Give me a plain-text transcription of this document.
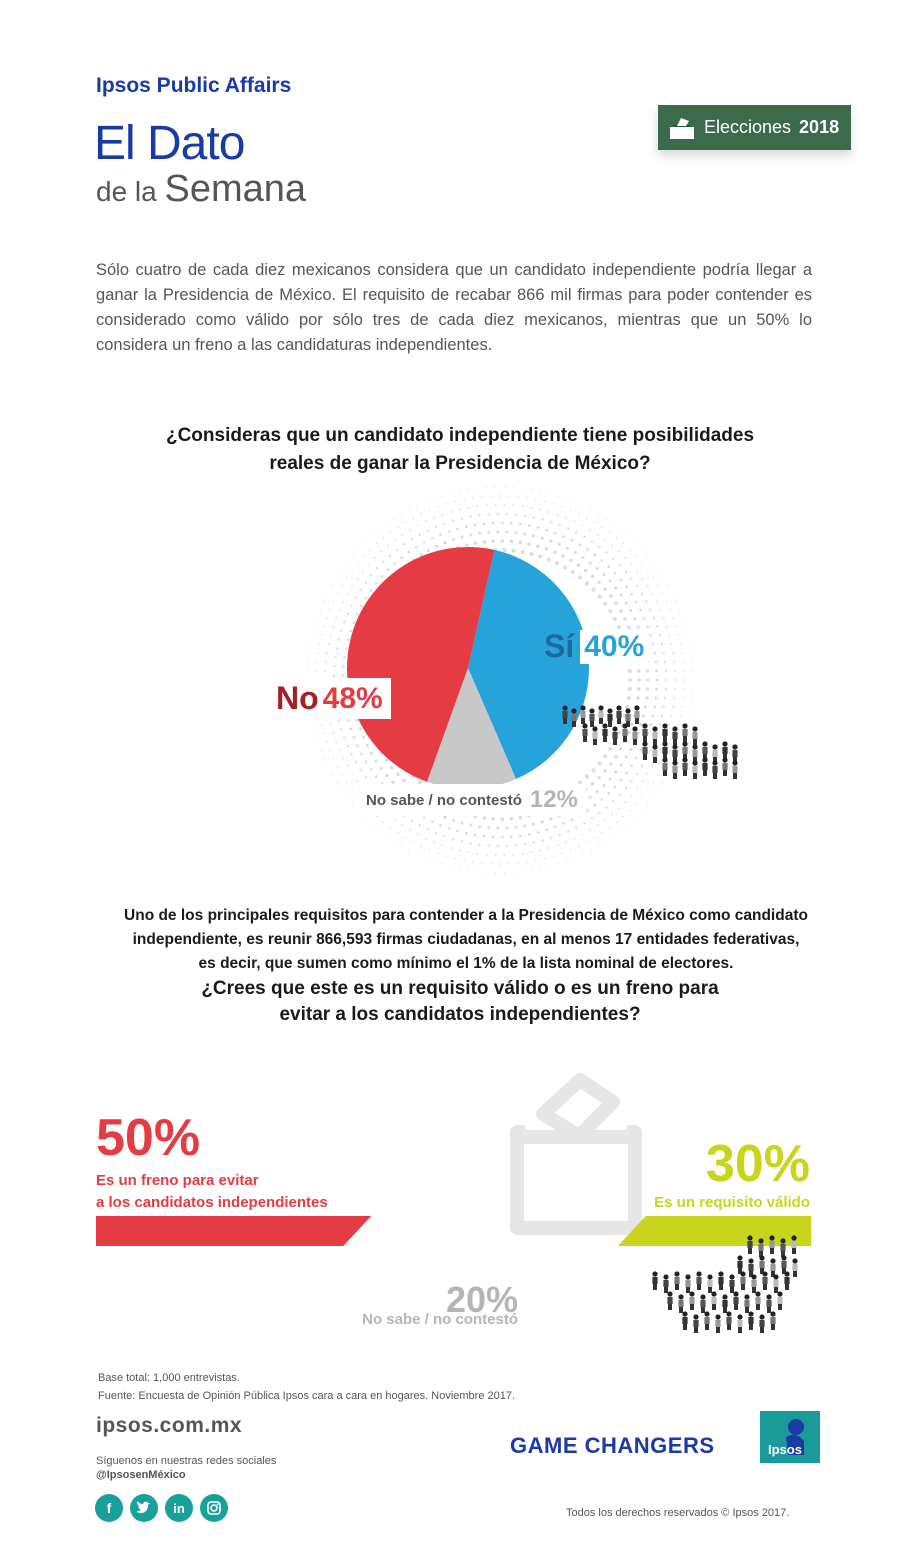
Ipsos Public Affairs
El Dato
de la Semana
Elecciones 2018

Sólo cuatro de cada diez mexicanos considera que un candidato independiente podría llegar a ganar la Presidencia de México. El requisito de recabar 866 mil firmas para poder contender es considerado como válido por sólo tres de cada diez mexicanos, mientras que un 50% lo considera un freno a las candidaturas independientes.

¿Consideras que un candidato independiente tiene posibilidades
reales de ganar la Presidencia de México?
Sí 40%
No 48%
No sabe / no contestó 12%
Uno de los principales requisitos para contender a la Presidencia de México como candidato
independiente, es reunir 866,593 firmas ciudadanas, en al menos 17 entidades federativas,
es decir, que sumen como mínimo el 1% de la lista nominal de electores.
¿Crees que este es un requisito válido o es un freno para
evitar a los candidatos independientes?
50%
Es un freno para evitar
a los candidatos independientes
30%
Es un requisito válido
20%
No sabe / no contestó
Base total: 1,000 entrevistas.
Fuente: Encuesta de Opinión Pública Ipsos cara a cara en hogares. Noviembre 2017.
ipsos.com.mx
Síguenos en nuestras redes sociales
@IpsosenMéxico
f	in
GAME CHANGERS	Ipsos
Todos los derechos reservados © Ipsos 2017.
